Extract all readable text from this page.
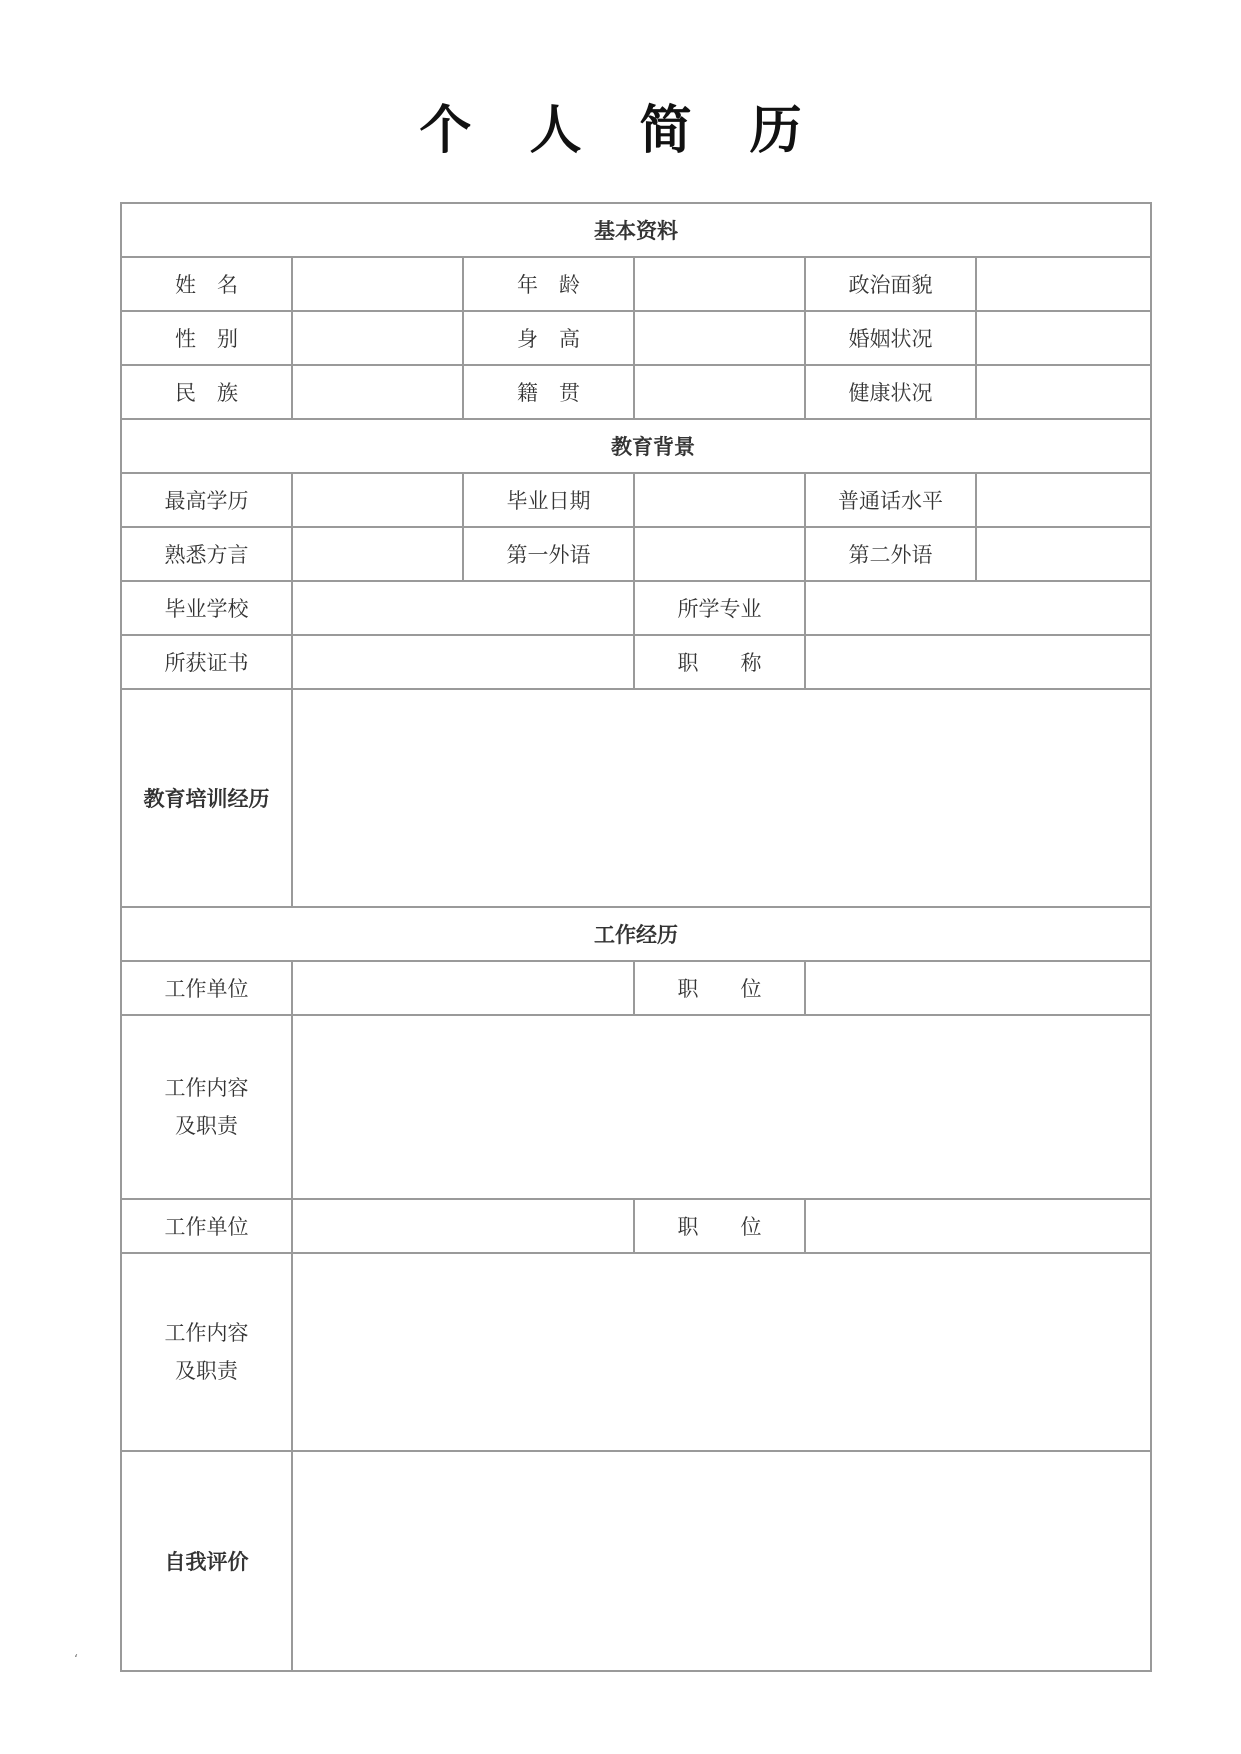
个 人 简 历
基本资料					
姓　名		年　龄		政治面貌	
性　别		身　高		婚姻状况	
民　族		籍　贯		健康状况	
教育背景					
最高学历		毕业日期		普通话水平	
熟悉方言		第一外语		第二外语	
毕业学校			所学专业		
所获证书			职　　称		
教育培训经历					
工作经历					
工作单位			职　　位		

工作内容
及职责					

工作单位			职　　位		

工作内容
及职责					

自我评价					
‘
